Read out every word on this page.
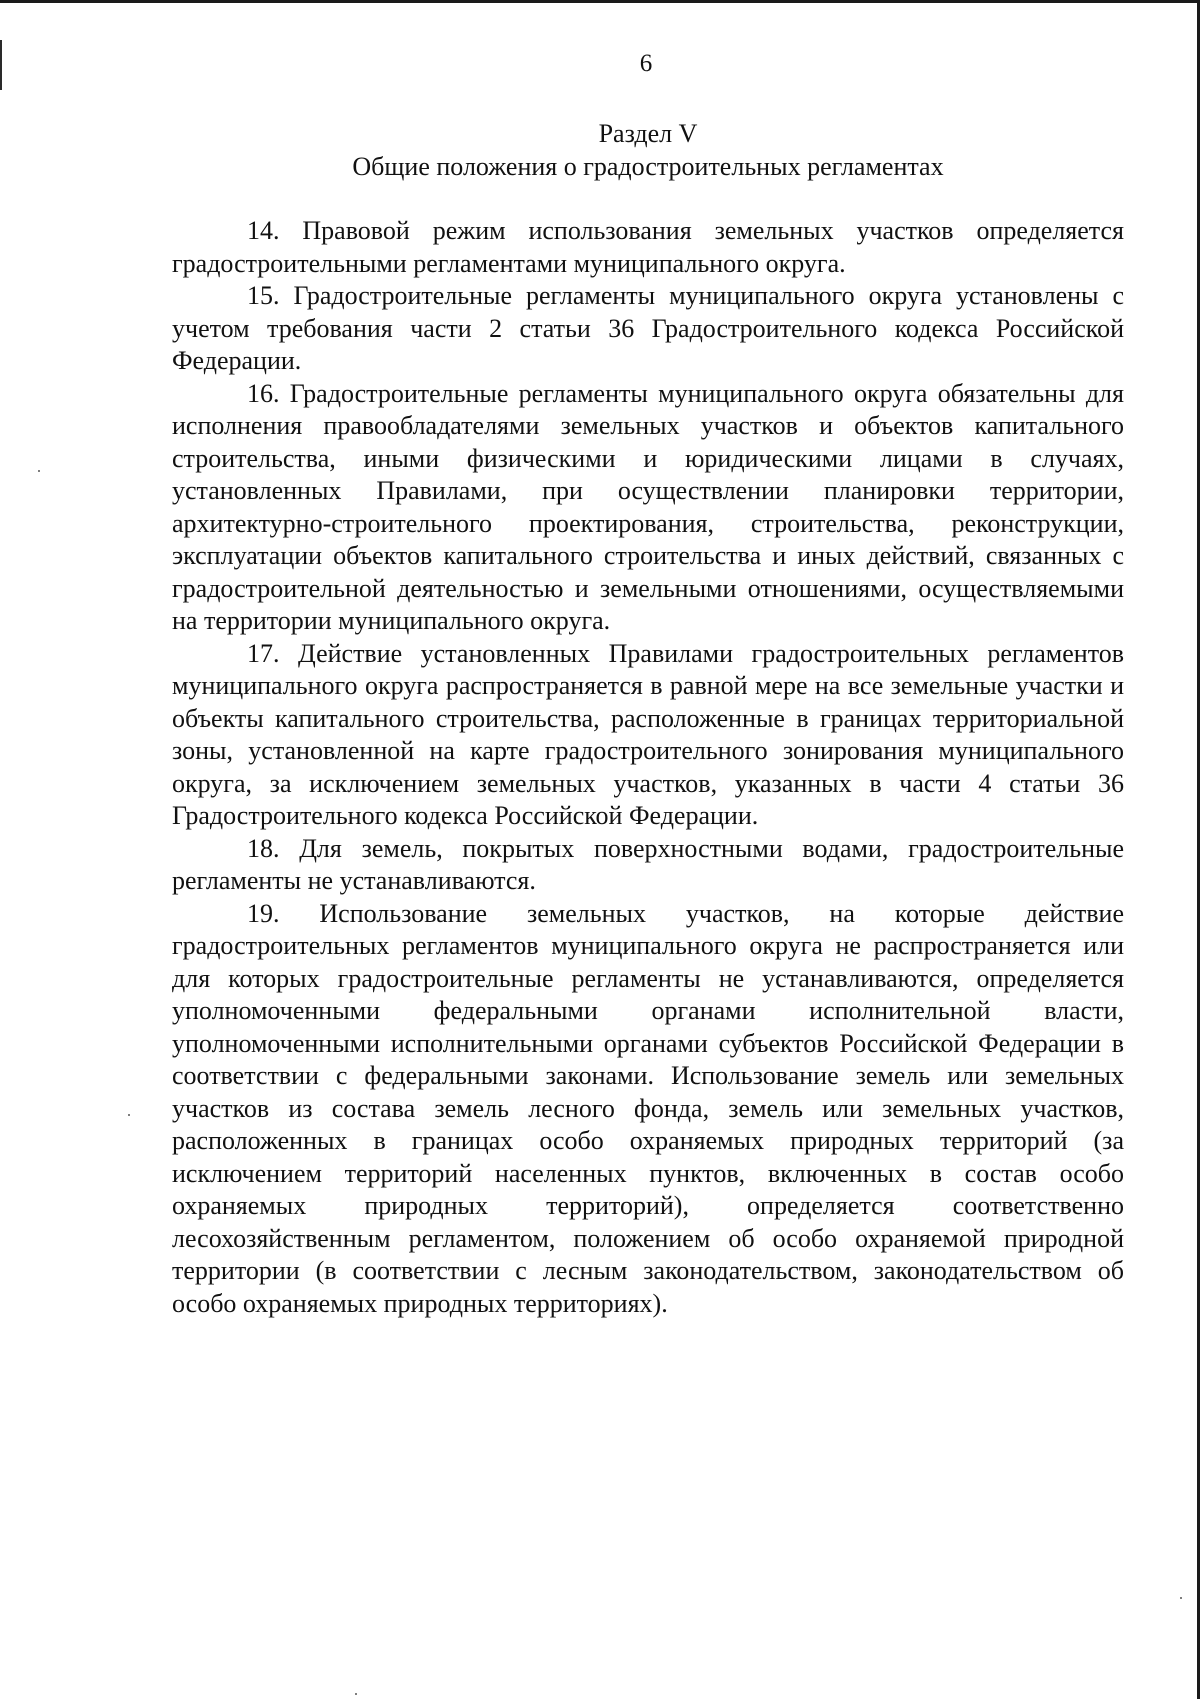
6
Раздел V
Общие положения о градостроительных регламентах

14. Правовой режим использования земельных участков определяется градостроительными регламентами муниципального округа.

15. Градостроительные регламенты муниципального округа установлены с учетом требования части 2 статьи 36 Градостроительного кодекса Российской Федерации.

16. Градостроительные регламенты муниципального округа обязательны для исполнения правообладателями земельных участков и объектов капитального строительства, иными физическими и юридическими лицами в случаях, установленных Правилами, при осуществлении планировки территории, архитектурно-строительного проектирования, строительства, реконструкции, эксплуатации объектов капитального строительства и иных действий, связанных с градостроительной деятельностью и земельными отношениями, осуществляемыми на территории муниципального округа.

17. Действие установленных Правилами градостроительных регламентов муниципального округа распространяется в равной мере на все земельные участки и объекты капитального строительства, расположенные в границах территориальной зоны, установленной на карте градостроительного зонирования муниципального округа, за исключением земельных участков, указанных в части 4 статьи 36 Градостроительного кодекса Российской Федерации.

18. Для земель, покрытых поверхностными водами, градостроительные регламенты не устанавливаются.

19. Использование земельных участков, на которые действие градостроительных регламентов муниципального округа не распространяется или для которых градостроительные регламенты не устанавливаются, определяется уполномоченными федеральными органами исполнительной власти, уполномоченными исполнительными органами субъектов Российской Федерации в соответствии с федеральными законами. Использование земель или земельных участков из состава земель лесного фонда, земель или земельных участков, расположенных в границах особо охраняемых природных территорий (за исключением территорий населенных пунктов, включенных в состав особо охраняемых природных территорий), определяется соответственно лесохозяйственным регламентом, положением об особо охраняемой природной территории (в соответствии с лесным законодательством, законодательством об особо охраняемых природных территориях).
